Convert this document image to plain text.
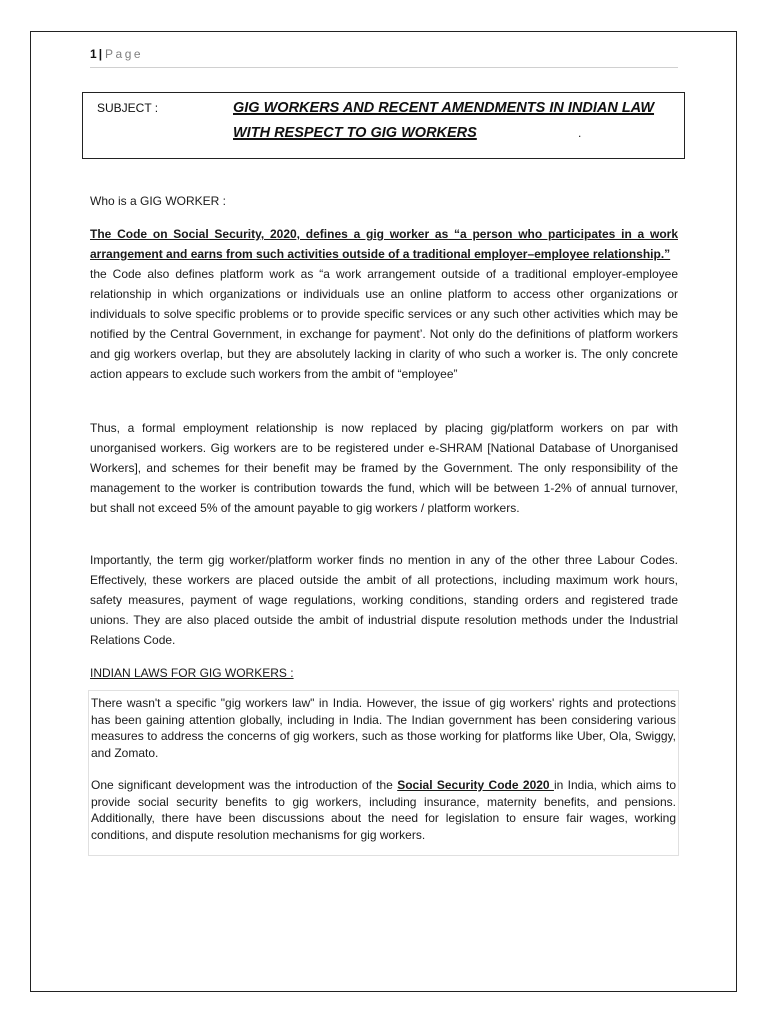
1 | Page
SUBJECT :	GIG WORKERS AND RECENT AMENDMENTS IN INDIAN LAW WITH RESPECT TO GIG WORKERS	.
Who is a GIG WORKER :
The Code on Social Security, 2020, defines a gig worker as “a person who participates in a work arrangement and earns from such activities outside of a traditional employer–employee relationship.”
the Code also defines platform work as “a work arrangement outside of a traditional employer-employee relationship in which organizations or individuals use an online platform to access other organizations or individuals to solve specific problems or to provide specific services or any such other activities which may be notified by the Central Government, in exchange for payment’. Not only do the definitions of platform workers and gig workers overlap, but they are absolutely lacking in clarity of who such a worker is. The only concrete action appears to exclude such workers from the ambit of “employee”
Thus, a formal employment relationship is now replaced by placing gig/platform workers on par with unorganised workers. Gig workers are to be registered under e-SHRAM [National Database of Unorganised Workers], and schemes for their benefit may be framed by the Government. The only responsibility of the management to the worker is contribution towards the fund, which will be between 1-2% of annual turnover, but shall not exceed 5% of the amount payable to gig workers / platform workers.
Importantly, the term gig worker/platform worker finds no mention in any of the other three Labour Codes. Effectively, these workers are placed outside the ambit of all protections, including maximum work hours, safety measures, payment of wage regulations, working conditions, standing orders and registered trade unions. They are also placed outside the ambit of industrial dispute resolution methods under the Industrial Relations Code.
INDIAN LAWS FOR GIG WORKERS :

There wasn't a specific "gig workers law" in India. However, the issue of gig workers' rights and protections has been gaining attention globally, including in India. The Indian government has been considering various measures to address the concerns of gig workers, such as those working for platforms like Uber, Ola, Swiggy, and Zomato.

One significant development was the introduction of the Social Security Code 2020 in India, which aims to provide social security benefits to gig workers, including insurance, maternity benefits, and pensions. Additionally, there have been discussions about the need for legislation to ensure fair wages, working conditions, and dispute resolution mechanisms for gig workers.
